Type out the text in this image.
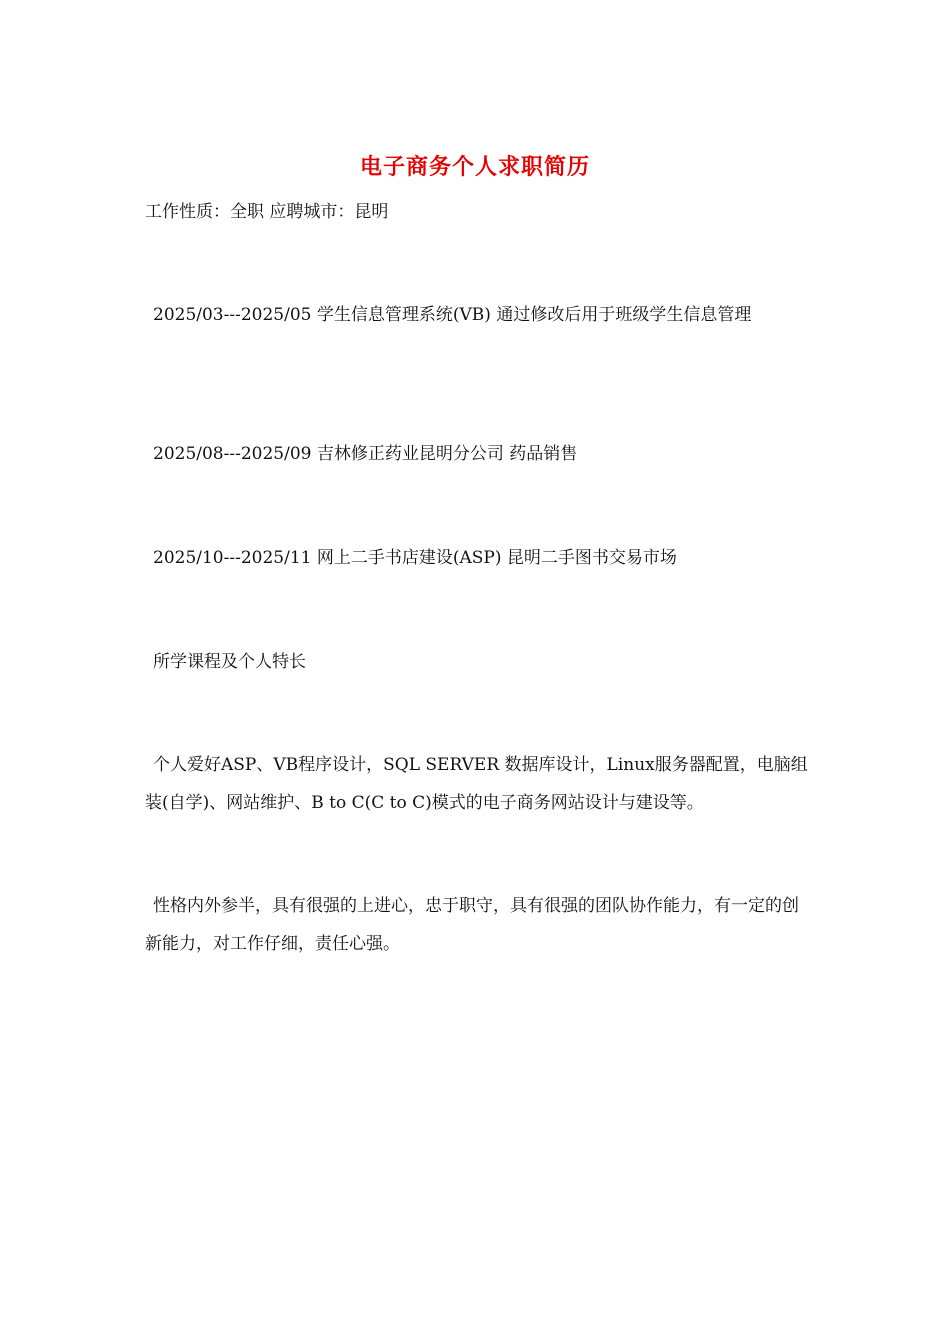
电子商务个人求职简历

工作性质：全职 应聘城市：昆明

2025/03---2025/05 学生信息管理系统(VB) 通过修改后用于班级学生信息管理

2025/08---2025/09 吉林修正药业昆明分公司 药品销售

2025/10---2025/11 网上二手书店建设(ASP) 昆明二手图书交易市场

所学课程及个人特长

个人爱好ASP、VB程序设计，SQL SERVER 数据库设计，Linux服务器配置，电脑组装(自学)、网站维护、B to C(C to C)模式的电子商务网站设计与建设等。

性格内外参半，具有很强的上进心，忠于职守，具有很强的团队协作能力，有一定的创新能力，对工作仔细，责任心强。
